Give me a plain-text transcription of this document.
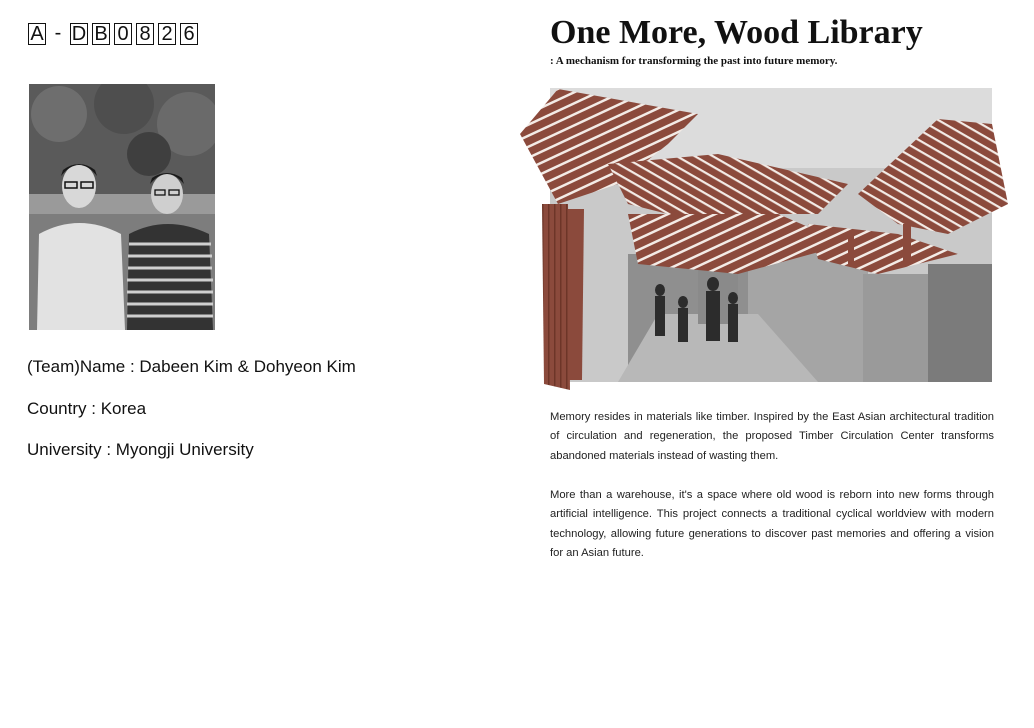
A - D B 0 8 2 6
(Team)Name : Dabeen Kim & Dohyeon Kim
Country : Korea
University : Myongji University
One More, Wood Library
: A mechanism for transforming the past into future memory.
Memory resides in materials like timber. Inspired by the East Asian architectural tradition of circulation and regeneration, the proposed Timber Circulation Center transforms abandoned materials instead of wasting them.
More than a warehouse, it's a space where old wood is reborn into new forms through artificial intelligence. This project connects a traditional cyclical worldview with modern technology, allowing future generations to discover past memories and offering a vision for an Asian future.
